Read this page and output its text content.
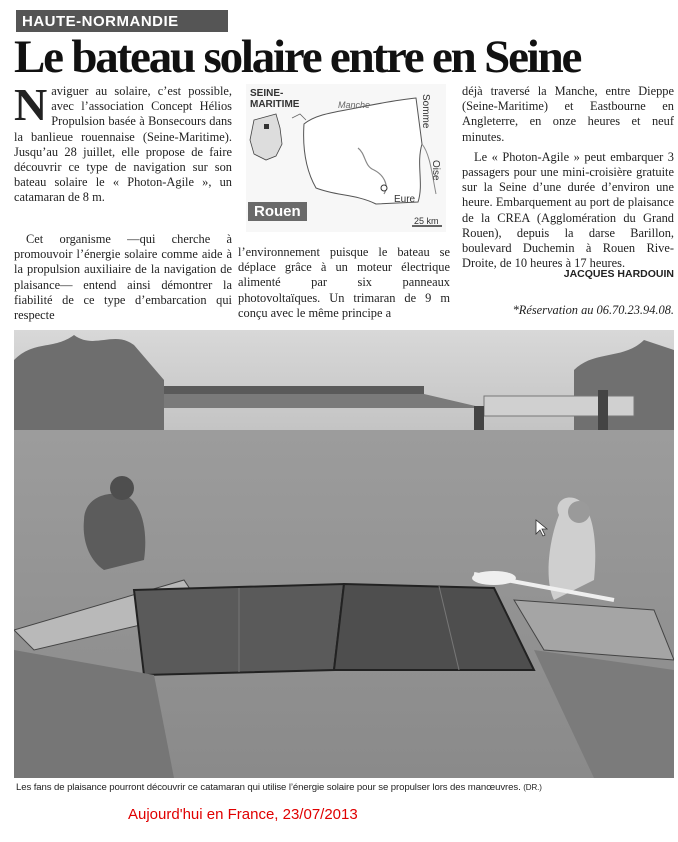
HAUTE-NORMANDIE
Le bateau solaire entre en Seine

Naviguer au solaire, c’est possible, avec l’association Concept Hélios Propulsion basée à Bonsecours dans la banlieue rouennaise (Seine-Maritime). Jusqu’au 28 juillet, elle propose de faire découvrir ce type de navigation sur son bateau solaire le « Photon-Agile », un catamaran de 8 m.

Cet organisme —qui cherche à promouvoir l’énergie solaire comme aide à la propulsion auxiliaire de la navigation de plaisance— entend ainsi démontrer la fiabilité de ce type d’embarcation qui respecte

SEINE-MARITIME	Manche	Somme
Oise
Eure
25 km
Rouen

l’environnement puisque le bateau se déplace grâce à un moteur électrique alimenté par six panneaux photovoltaïques. Un trimaran de 9 m conçu avec le même principe a

déjà traversé la Manche, entre Dieppe (Seine-Maritime) et Eastbourne en Angleterre, en onze heures et neuf minutes.

Le « Photon-Agile » peut embarquer 3 passagers pour une mini-croisière gratuite sur la Seine d’une durée d’environ une heure. Embarquement au port de plaisance de la CREA (Agglomération du Grand Rouen), depuis la darse Barillon, boulevard Duchemin à Rouen Rive-Droite, de 10 heures à 17 heures.

JACQUES HARDOUIN
*Réservation au 06.70.23.94.08.
Les fans de plaisance pourront découvrir ce catamaran qui utilise l’énergie solaire pour se propulser lors des manœuvres. (DR.)
Aujourd'hui en France, 23/07/2013
